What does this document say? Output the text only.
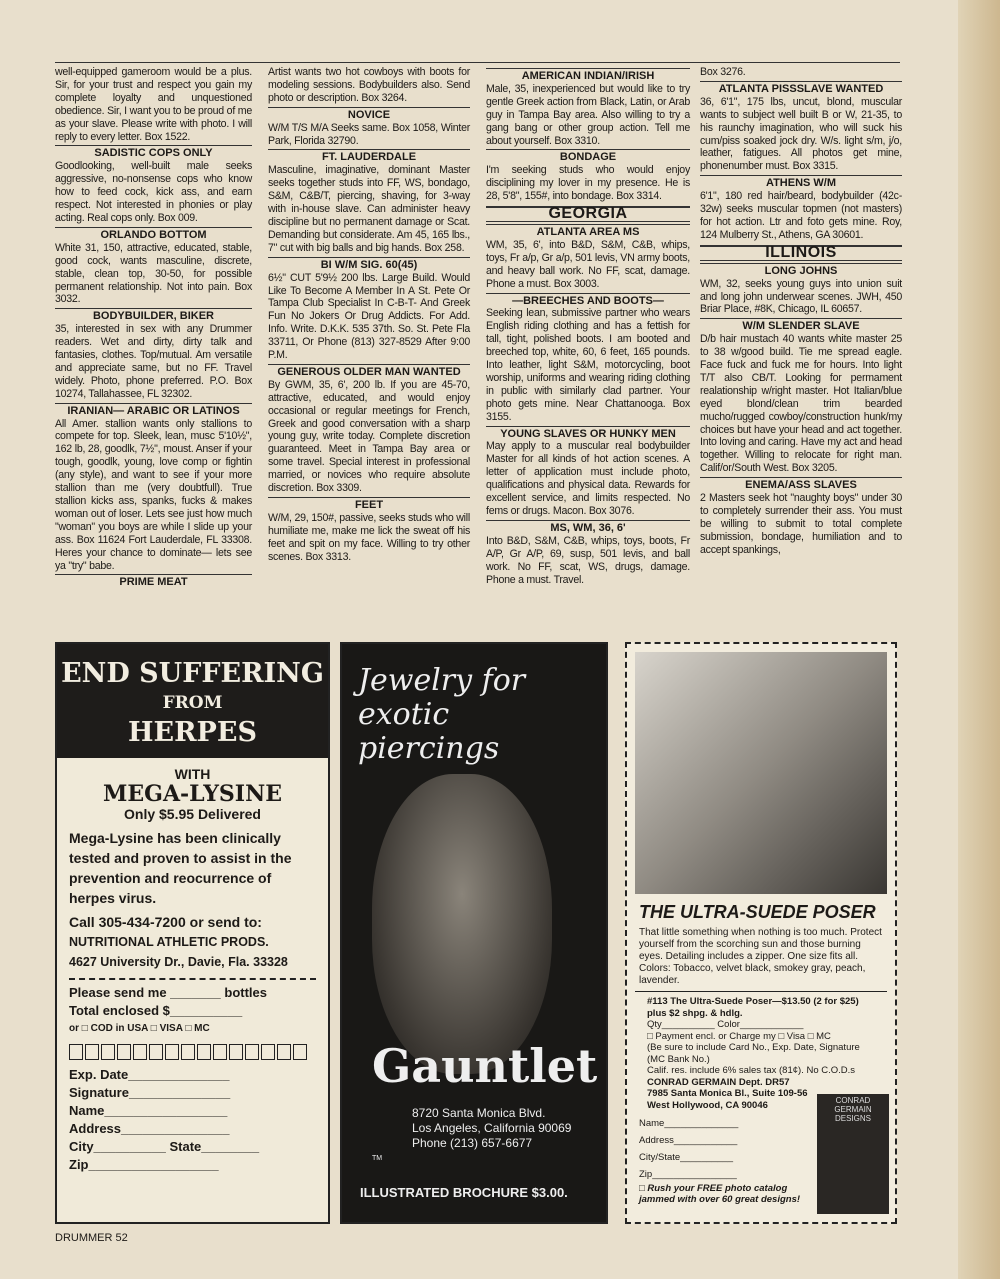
well-equipped gameroom would be a plus. Sir, for your trust and respect you gain my complete loyalty and unquestioned obedience. Sir, I want you to be proud of me as your slave. Please write with photo. I will reply to every letter. Box 1522.

SADISTIC COPS ONLY

Goodlooking, well-built male seeks aggressive, no-nonsense cops who know how to feed cock, kick ass, and earn respect. Not interested in phonies or play acting. Real cops only. Box 009.

ORLANDO BOTTOM

White 31, 150, attractive, educated, stable, good cock, wants masculine, discrete, stable, clean top, 30-50, for possible permanent relationship. Not into pain. Box 3032.

BODYBUILDER, BIKER

35, interested in sex with any Drummer readers. Wet and dirty, dirty talk and fantasies, clothes. Top/mutual. Am versatile and appreciate same, but no FF. Travel widely. Photo, phone preferred. P.O. Box 10274, Tallahassee, FL 32302.

IRANIAN— ARABIC OR LATINOS

All Amer. stallion wants only stallions to compete for top. Sleek, lean, musc 5'10½", 162 lb, 28, goodlk, 7½", moust. Anser if your tough, goodlk, young, love comp or fightin (any style), and want to see if your more stallion than me (very doubtfull). True stallion kicks ass, spanks, fucks & makes woman out of loser. Lets see just how much "woman" you boys are while I slide up your ass. Box 11624 Fort Lauderdale, FL 33308. Heres your chance to dominate— lets see ya "try" babe.

PRIME MEAT

Artist wants two hot cowboys with boots for modeling sessions. Bodybuilders also. Send photo or description. Box 3264.

NOVICE

W/M T/S M/A Seeks same. Box 1058, Winter Park, Florida 32790.

FT. LAUDERDALE

Masculine, imaginative, dominant Master seeks together studs into FF, WS, bondago, S&M, C&B/T, piercing, shaving, for 3-way with in-house slave. Can administer heavy discipline but no permanent damage or Scat. Demanding but considerate. Am 45, 165 lbs., 7" cut with big balls and big hands. Box 258.

BI W/M SIG. 60(45)

6½" CUT 5'9½ 200 lbs. Large Build. Would Like To Become A Member In A St. Pete Or Tampa Club Specialist In C-B-T- And Greek Fun No Jokers Or Drug Addicts. For Add. Info. Write. D.K.K. 535 37th. So. St. Pete Fla 33711, Or Phone (813) 327-8529 After 9:00 P.M.

GENEROUS OLDER MAN WANTED

By GWM, 35, 6', 200 lb. If you are 45-70, attractive, educated, and would enjoy occasional or regular meetings for French, Greek and good conversation with a sharp young guy, write today. Complete discretion guaranteed. Meet in Tampa Bay area or some travel. Special interest in professional married, or novices who require absolute discretion. Box 3309.

FEET

W/M, 29, 150#, passive, seeks studs who will humiliate me, make me lick the sweat off his feet and spit on my face. Willing to try other scenes. Box 3313.

AMERICAN INDIAN/IRISH

Male, 35, inexperienced but would like to try gentle Greek action from Black, Latin, or Arab guy in Tampa Bay area. Also willing to try a gang bang or other group action. Tell me about yourself. Box 3310.

BONDAGE

I'm seeking studs who would enjoy disciplining my lover in my presence. He is 28, 5'8", 155#, into bondage. Box 3314.

GEORGIA
ATLANTA AREA MS

WM, 35, 6', into B&D, S&M, C&B, whips, toys, Fr a/p, Gr a/p, 501 levis, VN army boots, and heavy ball work. No FF, scat, damage. Phone a must. Box 3003.

—BREECHES AND BOOTS—

Seeking lean, submissive partner who wears English riding clothing and has a fettish for tall, tight, polished boots. I am booted and breeched top, white, 60, 6 feet, 165 pounds. Into leather, light S&M, motorcycling, boot worship, uniforms and wearing riding clothing in public with similarly clad partner. Your photo gets mine. Near Chattanooga. Box 3155.

YOUNG SLAVES OR HUNKY MEN

May apply to a muscular real bodybuilder Master for all kinds of hot action scenes. A letter of application must include photo, qualifications and physical data. Rewards for excellent service, and limits respected. No fems or drugs. Macon. Box 3076.

MS, WM, 36, 6'

Into B&D, S&M, C&B, whips, toys, boots, Fr A/P, Gr A/P, 69, susp, 501 levis, and ball work. No FF, scat, WS, drugs, damage. Phone a must. Travel.

Box 3276.

ATLANTA PISSSLAVE WANTED

36, 6'1", 175 lbs, uncut, blond, muscular wants to subject well built B or W, 21-35, to his raunchy imagination, who will suck his cum/piss soaked jock dry. W/s. light s/m, j/o, leather, fatigues. All photos get mine, phonenumber must. Box 3315.

ATHENS W/M

6'1", 180 red hair/beard, bodybuilder (42c-32w) seeks muscular topmen (not masters) for hot action. Ltr and foto gets mine. Roy, 124 Mulberry St., Athens, GA 30601.

ILLINOIS
LONG JOHNS

WM, 32, seeks young guys into union suit and long john underwear scenes. JWH, 450 Briar Place, #8K, Chicago, IL 60657.

W/M SLENDER SLAVE

D/b hair mustach 40 wants white master 25 to 38 w/good build. Tie me spread eagle. Face fuck and fuck me for hours. Into light T/T also CB/T. Looking for permament realationship w/right master. Hot Italian/blue eyed blond/clean trim bearded mucho/rugged cowboy/construction hunk/my choices but have your head and act together. Into loving and caring. Have my act and head together. Willing to relocate for right man. Calif/or/South West. Box 3205.

ENEMA/ASS SLAVES

2 Masters seek hot "naughty boys" under 30 to completely surrender their ass. You must be willing to submit to total complete submission, bondage, humiliation and to accept spankings,

END SUFFERING
FROM
HERPES
WITH
MEGA-LYSINE
Only $5.95 Delivered
Mega-Lysine has been clinically tested and proven to assist in the prevention and reocurrence of herpes virus.
Call 305-434-7200 or send to:
NUTRITIONAL ATHLETIC PRODS.
4627 University Dr., Davie, Fla. 33328
Please send me _______ bottles
Total enclosed $__________
or □ COD in USA □ VISA □ MC
Exp. Date______________
Signature______________
Name_________________
Address_______________
City__________ State________
Zip__________________
Jewelry for exotic piercings
Gauntlet
8720 Santa Monica Blvd.
Los Angeles, California 90069
Phone (213) 657-6677
TM
ILLUSTRATED BROCHURE $3.00.
THE ULTRA-SUEDE POSER
That little something when nothing is too much. Protect yourself from the scorching sun and those burning eyes. Detailing includes a zipper. One size fits all. Colors: Tobacco, velvet black, smokey gray, peach, lavender.
#113 The Ultra-Suede Poser—$13.50 (2 for $25) plus $2 shpg. & hdlg.
Qty__________ Color____________
□ Payment encl. or Charge my □ Visa □ MC
(Be sure to include Card No., Exp. Date, Signature (MC Bank No.)
Calif. res. include 6% sales tax (81¢). No C.O.D.s
CONRAD GERMAIN Dept. DR57
7985 Santa Monica Bl., Suite 109-56
West Hollywood, CA 90046
Name______________
Address____________
City/State__________
Zip________________
□ Rush your FREE photo catalog jammed with over 60 great designs!
CONRAD GERMAIN DESIGNS
DRUMMER 52
